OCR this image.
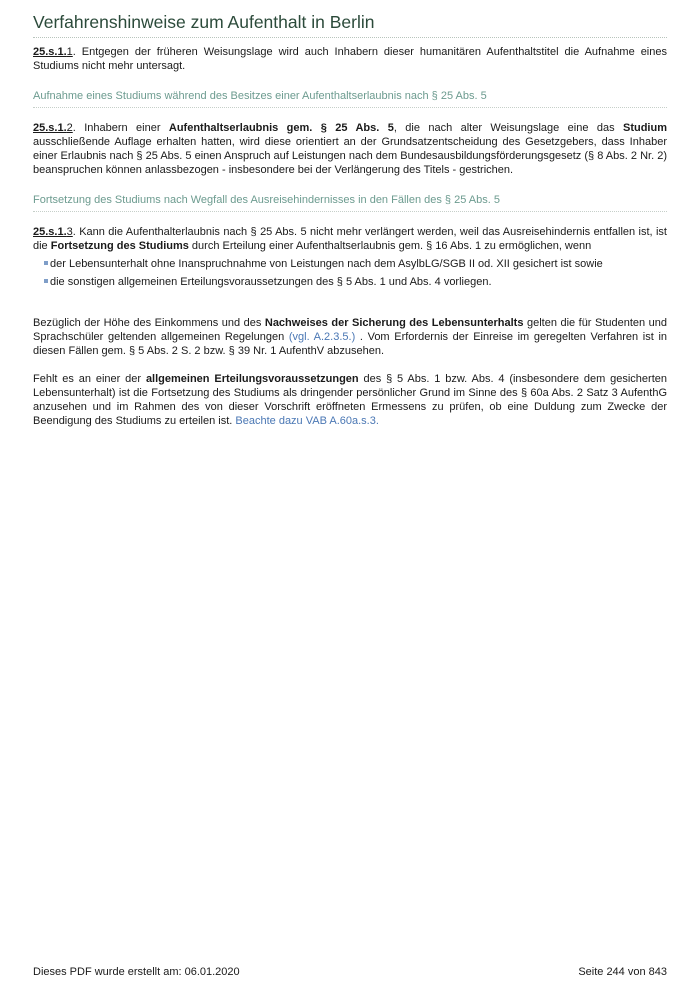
Verfahrenshinweise zum Aufenthalt in Berlin

25.s.1.1. Entgegen der früheren Weisungslage wird auch Inhabern dieser humanitären Aufenthaltstitel die Aufnahme eines Studiums nicht mehr untersagt.

Aufnahme eines Studiums während des Besitzes einer Aufenthaltserlaubnis nach § 25 Abs. 5

25.s.1.2. Inhabern einer Aufenthaltserlaubnis gem. § 25 Abs. 5, die nach alter Weisungslage eine das Studium ausschließende Auflage erhalten hatten, wird diese orientiert an der Grundsatzentscheidung des Gesetzgebers, dass Inhaber einer Erlaubnis nach § 25 Abs. 5 einen Anspruch auf Leistungen nach dem Bundesausbildungsförderungsgesetz (§ 8 Abs. 2 Nr. 2) beanspruchen können anlassbezogen - insbesondere bei der Verlängerung des Titels - gestrichen.

Fortsetzung des Studiums nach Wegfall des Ausreisehindernisses in den Fällen des § 25 Abs. 5

25.s.1.3. Kann die Aufenthalterlaubnis nach § 25 Abs. 5 nicht mehr verlängert werden, weil das Ausreisehindernis entfallen ist, ist die Fortsetzung des Studiums durch Erteilung einer Aufenthaltserlaubnis gem. § 16 Abs. 1 zu ermöglichen, wenn

der Lebensunterhalt ohne Inanspruchnahme von Leistungen nach dem AsylbLG/SGB II od. XII gesichert ist sowie
die sonstigen allgemeinen Erteilungsvoraussetzungen des § 5 Abs. 1 und Abs. 4 vorliegen.

Bezüglich der Höhe des Einkommens und des Nachweises der Sicherung des Lebensunterhalts gelten die für Studenten und Sprachschüler geltenden allgemeinen Regelungen (vgl. A.2.3.5.) . Vom Erfordernis der Einreise im geregelten Verfahren ist in diesen Fällen gem. § 5 Abs. 2 S. 2 bzw. § 39 Nr. 1 AufenthV abzusehen.

Fehlt es an einer der allgemeinen Erteilungsvoraussetzungen des § 5 Abs. 1 bzw. Abs. 4 (insbesondere dem gesicherten Lebensunterhalt) ist die Fortsetzung des Studiums als dringender persönlicher Grund im Sinne des § 60a Abs. 2 Satz 3 AufenthG anzusehen und im Rahmen des von dieser Vorschrift eröffneten Ermessens zu prüfen, ob eine Duldung zum Zwecke der Beendigung des Studiums zu erteilen ist. Beachte dazu VAB A.60a.s.3.

Dieses PDF wurde erstellt am: 06.01.2020	Seite 244 von 843
